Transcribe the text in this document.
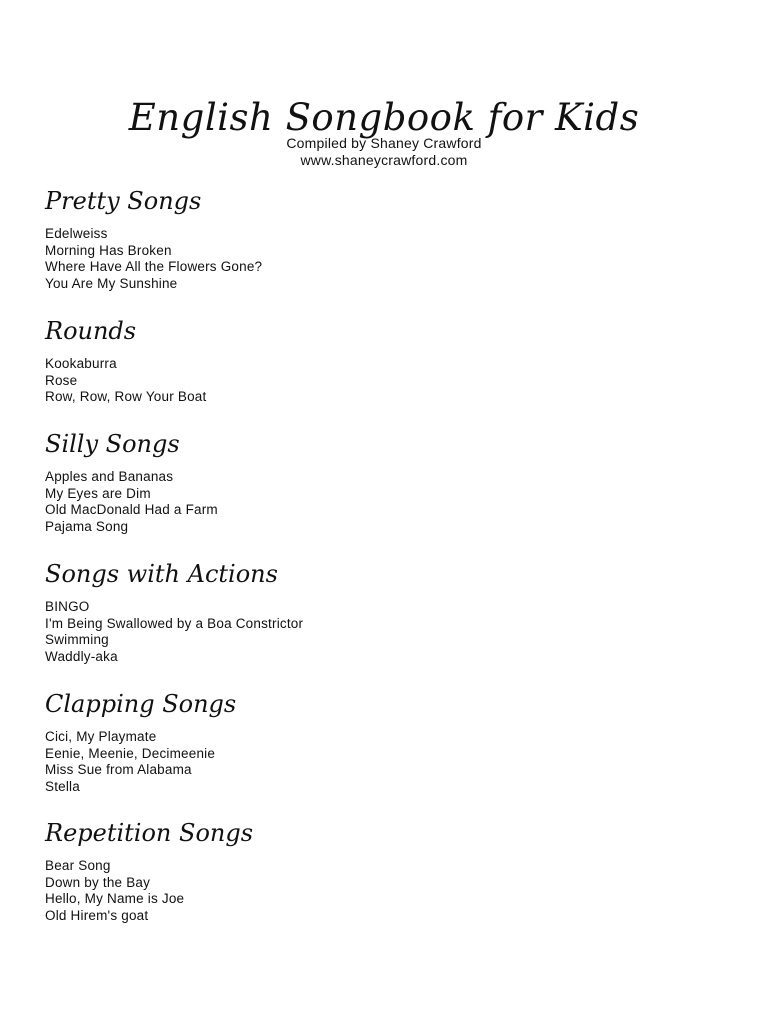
English Songbook for Kids

Compiled by Shaney Crawford

www.shaneycrawford.com

Pretty Songs
Edelweiss
Morning Has Broken
Where Have All the Flowers Gone?
You Are My Sunshine
Rounds
Kookaburra
Rose
Row, Row, Row Your Boat
Silly Songs
Apples and Bananas
My Eyes are Dim
Old MacDonald Had a Farm
Pajama Song
Songs with Actions
BINGO
I'm Being Swallowed by a Boa Constrictor
Swimming
Waddly-aka
Clapping Songs
Cici, My Playmate
Eenie, Meenie, Decimeenie
Miss Sue from Alabama
Stella
Repetition Songs
Bear Song
Down by the Bay
Hello, My Name is Joe
Old Hirem's goat
